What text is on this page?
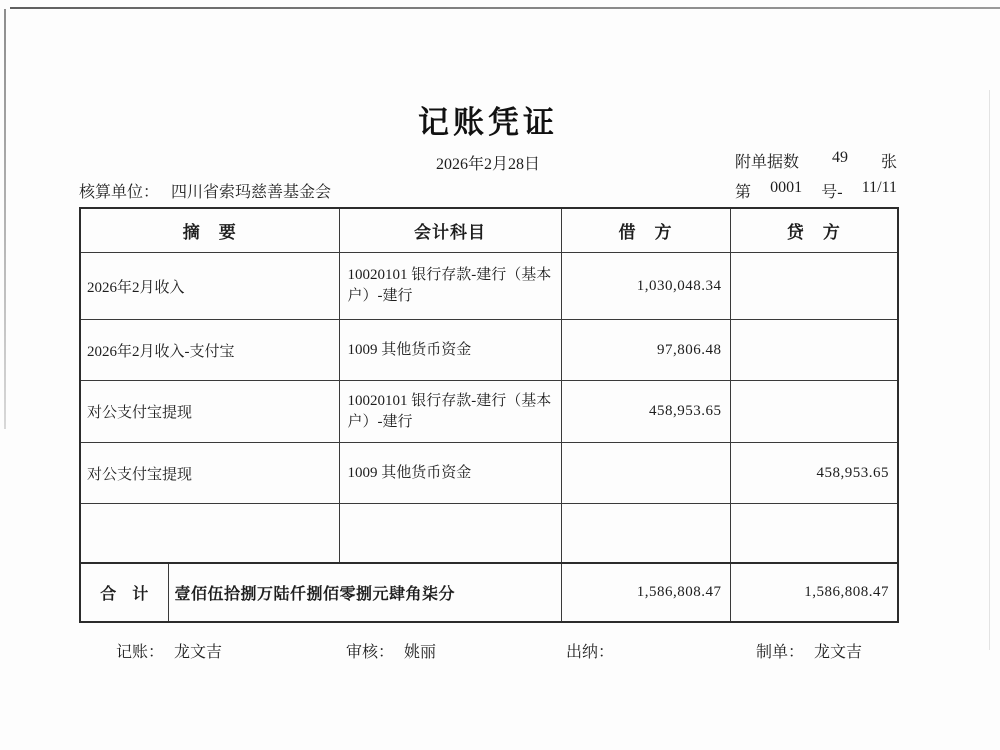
记账凭证
2026年2月28日	附单据数 49 张
核算单位： 四川省索玛慈善基金会	第 0001 号- 11/11
摘　要		会计科目	借　方	贷　方
2026年2月收入		10020101 银行存款-建行（基本户）-建行	1,030,048.34	
2026年2月收入-支付宝		1009 其他货币资金	97,806.48	
对公支付宝提现		10020101 银行存款-建行（基本户）-建行	458,953.65	
对公支付宝提现		1009 其他货币资金		458,953.65

合　计	壹佰伍拾捌万陆仟捌佰零捌元肆角柒分		1,586,808.47	1,586,808.47
记账： 龙文吉	审核： 姚丽	出纳：	制单： 龙文吉
